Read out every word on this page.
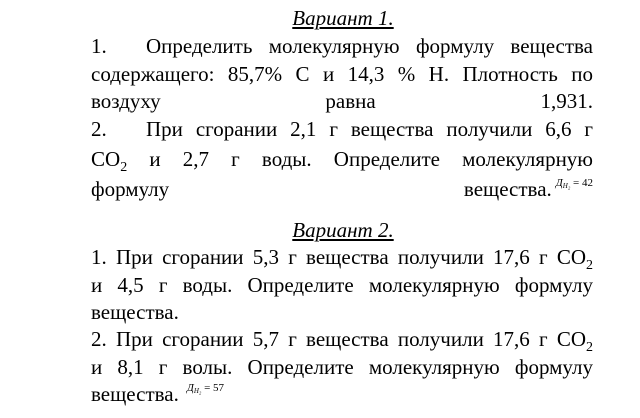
Вариант 1.
1. Определить молекулярную формулу вещества
содержащего: 85,7% С и 14,3 % Н. Плотность по
воздуху равна 1,931.
2. При сгорании 2,1 г вещества получили 6,6 г
$CO_2$ и 2,7 г воды. Определите молекулярную
формулу вещества. ДH₂ = 42
Вариант 2.
1. При сгорании 5,3 г вещества получили 17,6 г $CO_2$
и 4,5 г воды. Определите молекулярную формулу
вещества.
2. При сгорании 5,7 г вещества получили 17,6 г $CO_2$
и 8,1 г волы. Определите молекулярную формулу
вещества. ДH₂ = 57
